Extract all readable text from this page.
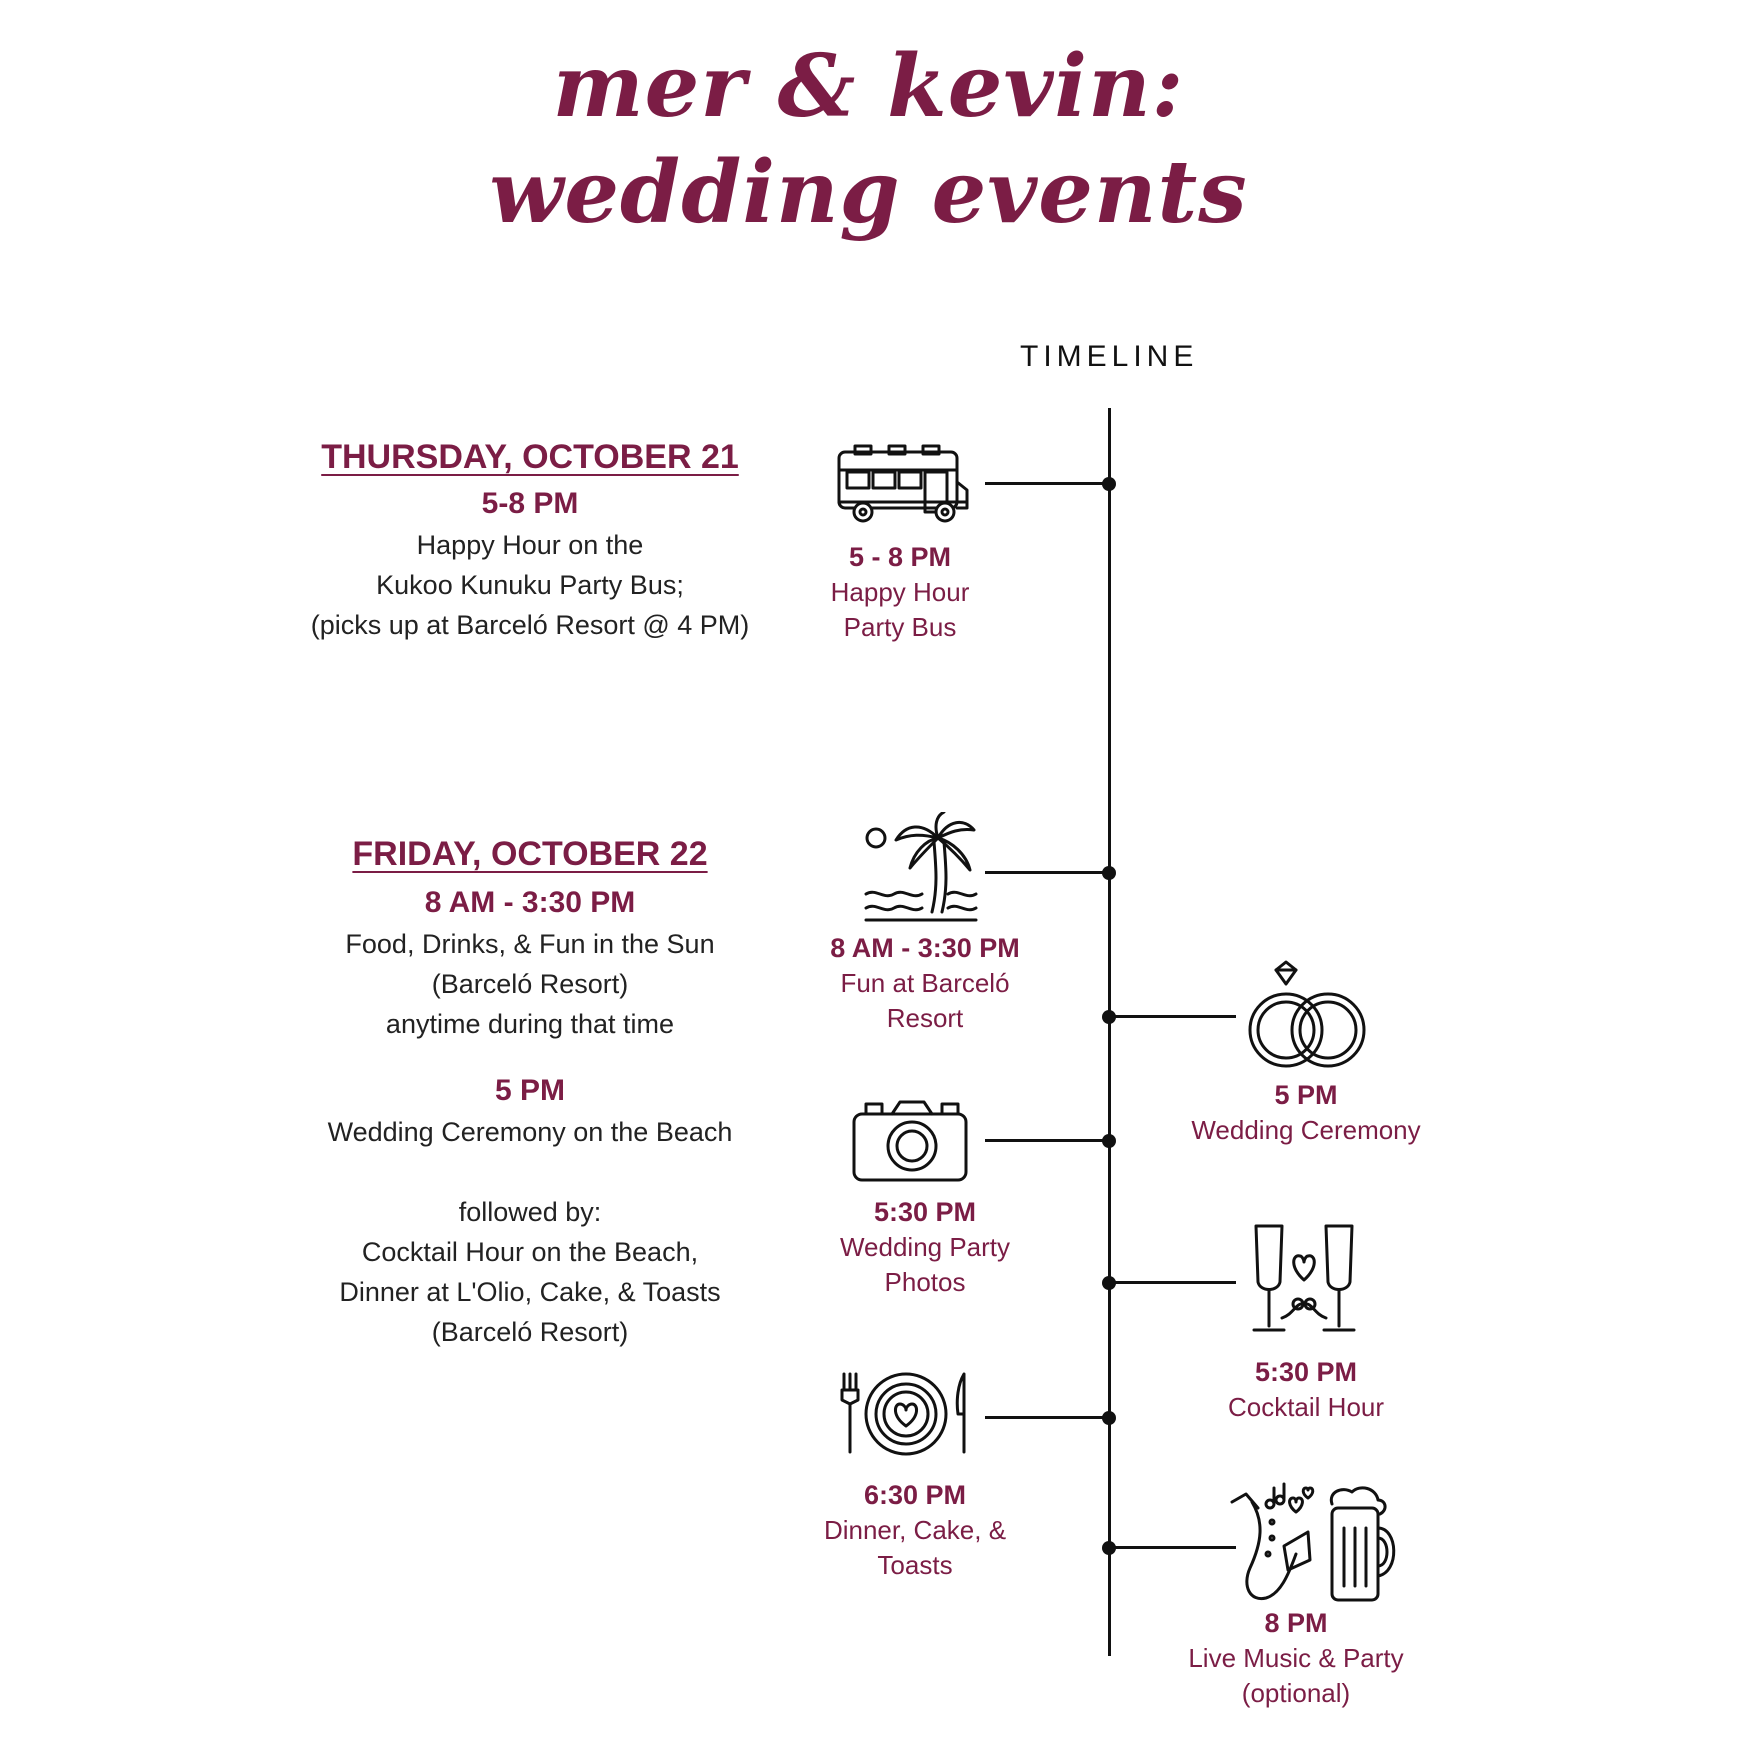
mer & kevin:
wedding events
TIMELINE
THURSDAY, OCTOBER 21
5-8 PM
Happy Hour on the
Kukoo Kunuku Party Bus;
(picks up at Barceló Resort @ 4 PM)
FRIDAY, OCTOBER 22
8 AM - 3:30 PM
Food, Drinks, & Fun in the Sun
(Barceló Resort)
anytime during that time
5 PM
Wedding Ceremony on the Beach
followed by:
Cocktail Hour on the Beach,
Dinner at L'Olio, Cake, & Toasts
(Barceló Resort)
5 - 8 PM
Happy Hour
Party Bus
8 AM - 3:30 PM
Fun at Barceló
Resort
5 PM
Wedding Ceremony
5:30 PM
Wedding Party
Photos
5:30 PM
Cocktail Hour
6:30 PM
Dinner, Cake, &
Toasts
8 PM
Live Music & Party
(optional)
